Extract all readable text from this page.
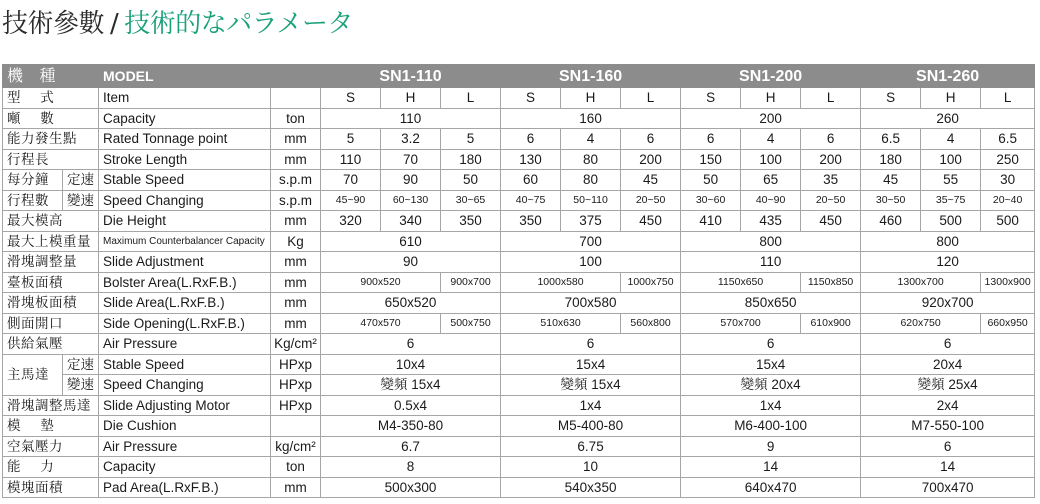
技術參數 / 技術的なパラメータ
機 種		MODEL		SN1-110			SN1-160			SN1-200			SN1-260		
型 式		Item		S	H	L	S	H	L	S	H	L	S	H	L
噸 數		Capacity	ton	110			160			200			260		
能力發生點		Rated Tonnage point	mm	5	3.2	5	6	4	6	6	4	6	6.5	4	6.5
行程長		Stroke Length	mm	110	70	180	130	80	200	150	100	200	180	100	250
每分鐘	定速	Stable Speed	s.p.m	70	90	50	60	80	45	50	65	35	45	55	30
行程數	變速	Speed Changing	s.p.m	45~90	60~130	30~65	40~75	50~110	20~50	30~60	40~90	20~50	30~50	35~75	20~40
最大模高		Die Height	mm	320	340	350	350	375	450	410	435	450	460	500	500
最大上模重量		Maximum Counterbalancer Capacity	Kg	610			700			800			800		
滑塊調整量		Slide Adjustment	mm	90			100			110			120		
臺板面積		Bolster Area(L.RxF.B.)	mm	900x520		900x700	1000x580		1000x750	1150x650		1150x850	1300x700		1300x900
滑塊板面積		Slide Area(L.RxF.B.)	mm	650x520			700x580			850x650			920x700		
側面開口		Side Opening(L.RxF.B.)	mm	470x570		500x750	510x630		560x800	570x700		610x900	620x750		660x950
供給氣壓		Air Pressure	Kg/cm²	6			6			6			6		
主馬達	定速	Stable Speed	HPxp	10x4			15x4			15x4			20x4		
	變速	Speed Changing	HPxp	變頻 15x4			變頻 15x4			變頻 20x4			變頻 25x4		
滑塊調整馬達		Slide Adjusting Motor	HPxp	0.5x4			1x4			1x4			2x4		
模 墊		Die Cushion		M4-350-80			M5-400-80			M6-400-100			M7-550-100		
空氣壓力		Air Pressure	kg/cm²	6.7			6.75			9			6		
能 力		Capacity	ton	8			10			14			14		
模塊面積		Pad Area(L.RxF.B.)	mm	500x300			540x350			640x470			700x470		
